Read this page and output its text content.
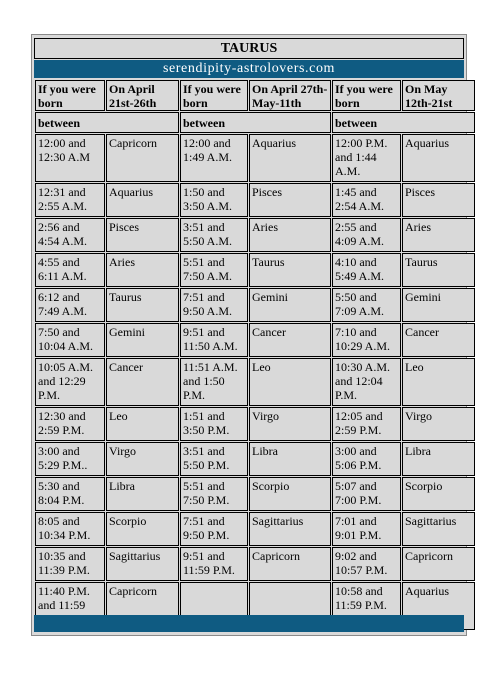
TAURUS
serendipity-astrolovers.com
If you were born	On April 21st-26th	If you were born	On April 27th-May-11th	If you were born	On May 12th-21st
between		between		between	
12:00 and 12:30 A.M	Capricorn	12:00 and 1:49 A.M.	Aquarius	12:00 P.M. and 1:44 A.M.	Aquarius
12:31 and 2:55 A.M.	Aquarius	1:50 and 3:50 A.M.	Pisces	1:45 and 2:54 A.M.	Pisces
2:56 and 4:54 A.M.	Pisces	3:51 and 5:50 A.M.	Aries	2:55 and 4:09 A.M.	Aries
4:55 and 6:11 A.M.	Aries	5:51 and 7:50 A.M.	Taurus	4:10 and 5:49 A.M.	Taurus
6:12 and 7:49 A.M.	Taurus	7:51 and 9:50 A.M.	Gemini	5:50 and 7:09 A.M.	Gemini
7:50 and 10:04 A.M.	Gemini	9:51 and 11:50 A.M.	Cancer	7:10 and 10:29 A.M.	Cancer
10:05 A.M. and 12:29 P.M.	Cancer	11:51 A.M. and 1:50 P.M.	Leo	10:30 A.M. and 12:04 P.M.	Leo
12:30 and 2:59 P.M.	Leo	1:51 and 3:50 P.M.	Virgo	12:05 and 2:59 P.M.	Virgo
3:00 and 5:29 P.M..	Virgo	3:51 and 5:50 P.M.	Libra	3:00 and 5:06 P.M.	Libra
5:30 and 8:04 P.M.	Libra	5:51 and 7:50 P.M.	Scorpio	5:07 and 7:00 P.M.	Scorpio
8:05 and 10:34 P.M.	Scorpio	7:51 and 9:50 P.M.	Sagittarius	7:01 and 9:01 P.M.	Sagittarius
10:35 and 11:39 P.M.	Sagittarius	9:51 and 11:59 P.M.	Capricorn	9:02 and 10:57 P.M.	Capricorn
11:40 P.M. and 11:59	Capricorn			10:58 and 11:59 P.M.	Aquarius
